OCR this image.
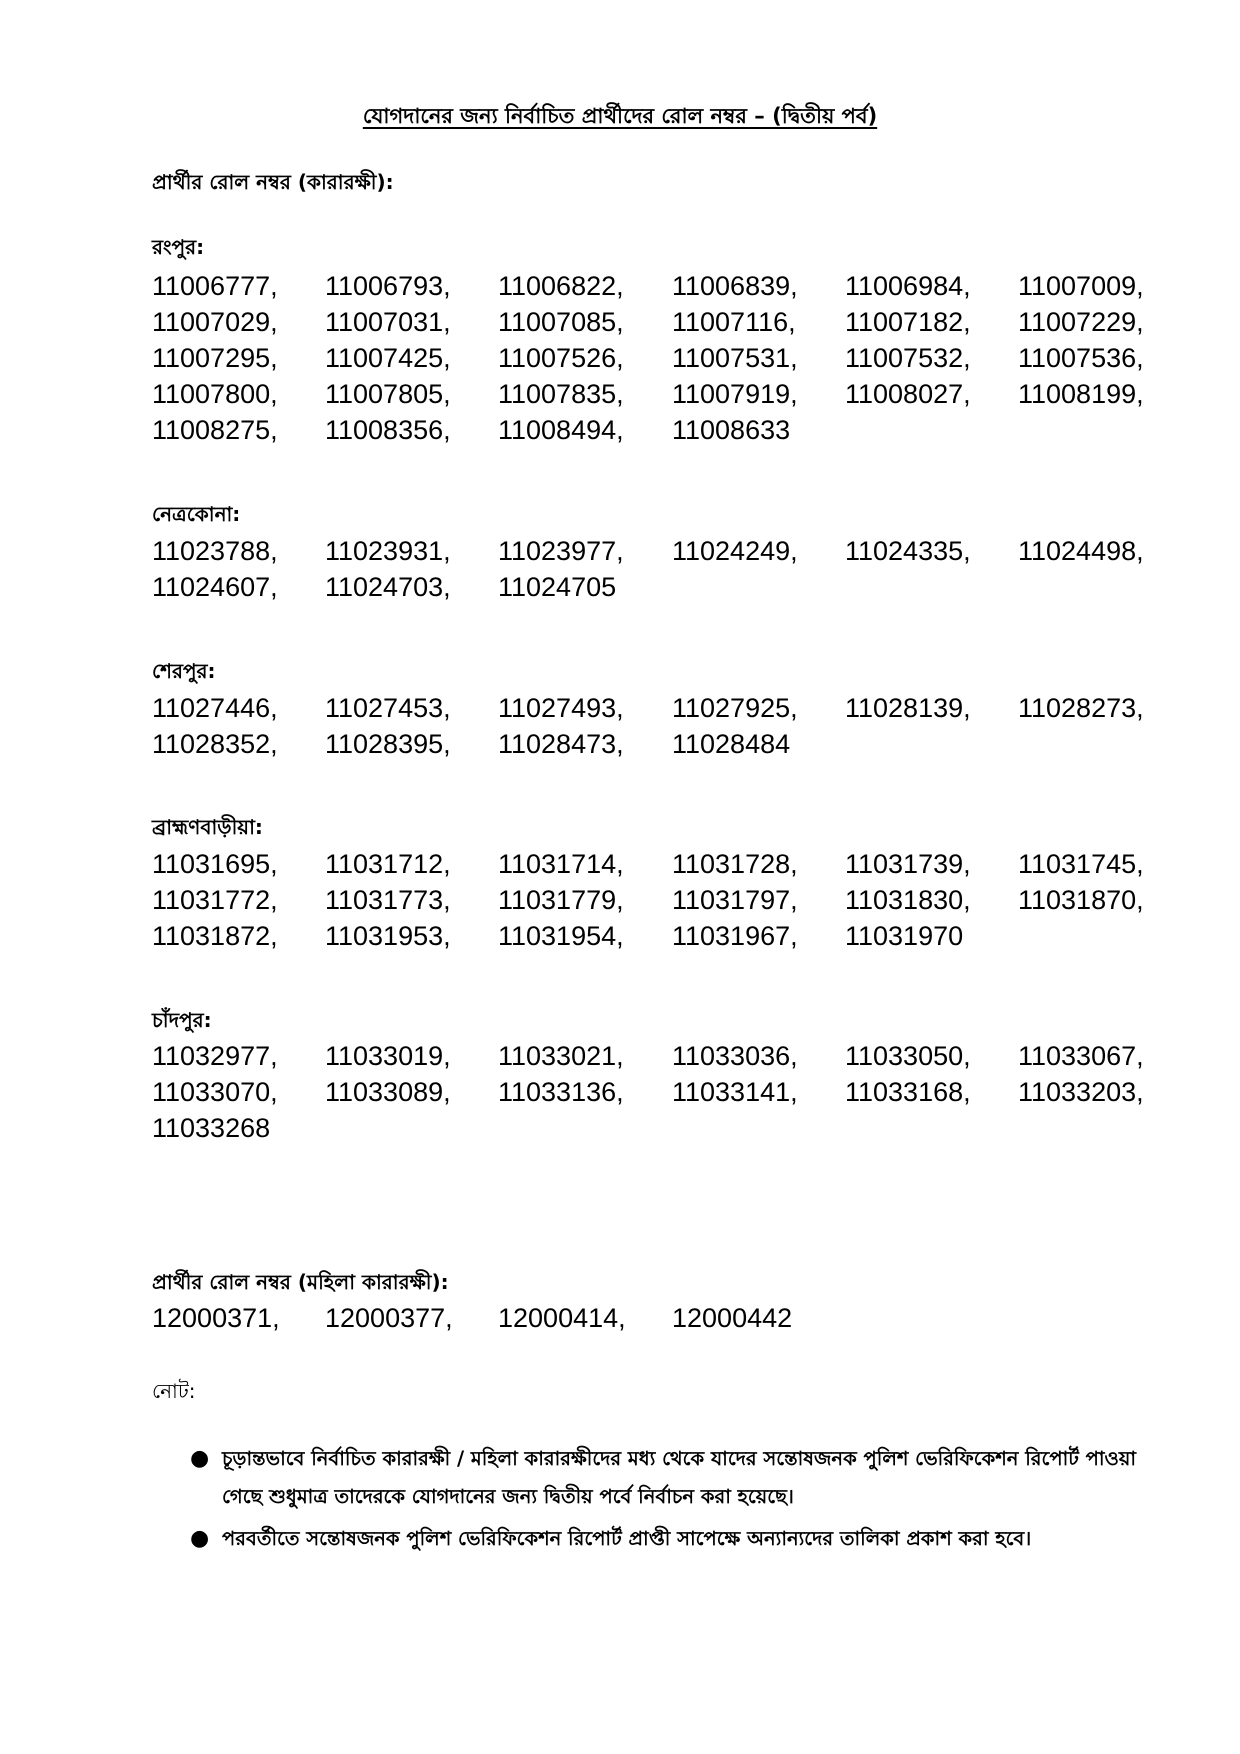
যোগদানের জন্য নির্বাচিত প্রার্থীদের রোল নম্বর – (দ্বিতীয় পর্ব)
প্রার্থীর রোল নম্বর (কারারক্ষী):
রংপুর:
নেত্রকোনা:
শেরপুর:
ব্রাহ্মণবাড়ীয়া:
চাঁদপুর:
প্রার্থীর রোল নম্বর (মহিলা কারারক্ষী):
নোট:
● চূড়ান্তভাবে নির্বাচিত কারারক্ষী / মহিলা কারারক্ষীদের মধ্য থেকে যাদের সন্তোষজনক পুলিশ ভেরিফিকেশন রিপোর্ট পাওয়া গেছে শুধুমাত্র তাদেরকে যোগদানের জন্য দ্বিতীয় পর্বে নির্বাচন করা হয়েছে।
● পরবর্তীতে সন্তোষজনক পুলিশ ভেরিফিকেশন রিপোর্ট প্রাপ্তী সাপেক্ষে অন্যান্যদের তালিকা প্রকাশ করা হবে।
11006777, 11006793, 11006822, 11006839, 11006984, 11007009,
11007029, 11007031, 11007085, 11007116, 11007182, 11007229,
11007295, 11007425, 11007526, 11007531, 11007532, 11007536,
11007800, 11007805, 11007835, 11007919, 11008027, 11008199,
11008275, 11008356, 11008494, 11008633
11023788, 11023931, 11023977, 11024249, 11024335, 11024498,
11024607, 11024703, 11024705
11027446, 11027453, 11027493, 11027925, 11028139, 11028273,
11028352, 11028395, 11028473, 11028484
11031695, 11031712, 11031714, 11031728, 11031739, 11031745,
11031772, 11031773, 11031779, 11031797, 11031830, 11031870,
11031872, 11031953, 11031954, 11031967, 11031970
11032977, 11033019, 11033021, 11033036, 11033050, 11033067,
11033070, 11033089, 11033136, 11033141, 11033168, 11033203,
11033268
12000371, 12000377, 12000414, 12000442
